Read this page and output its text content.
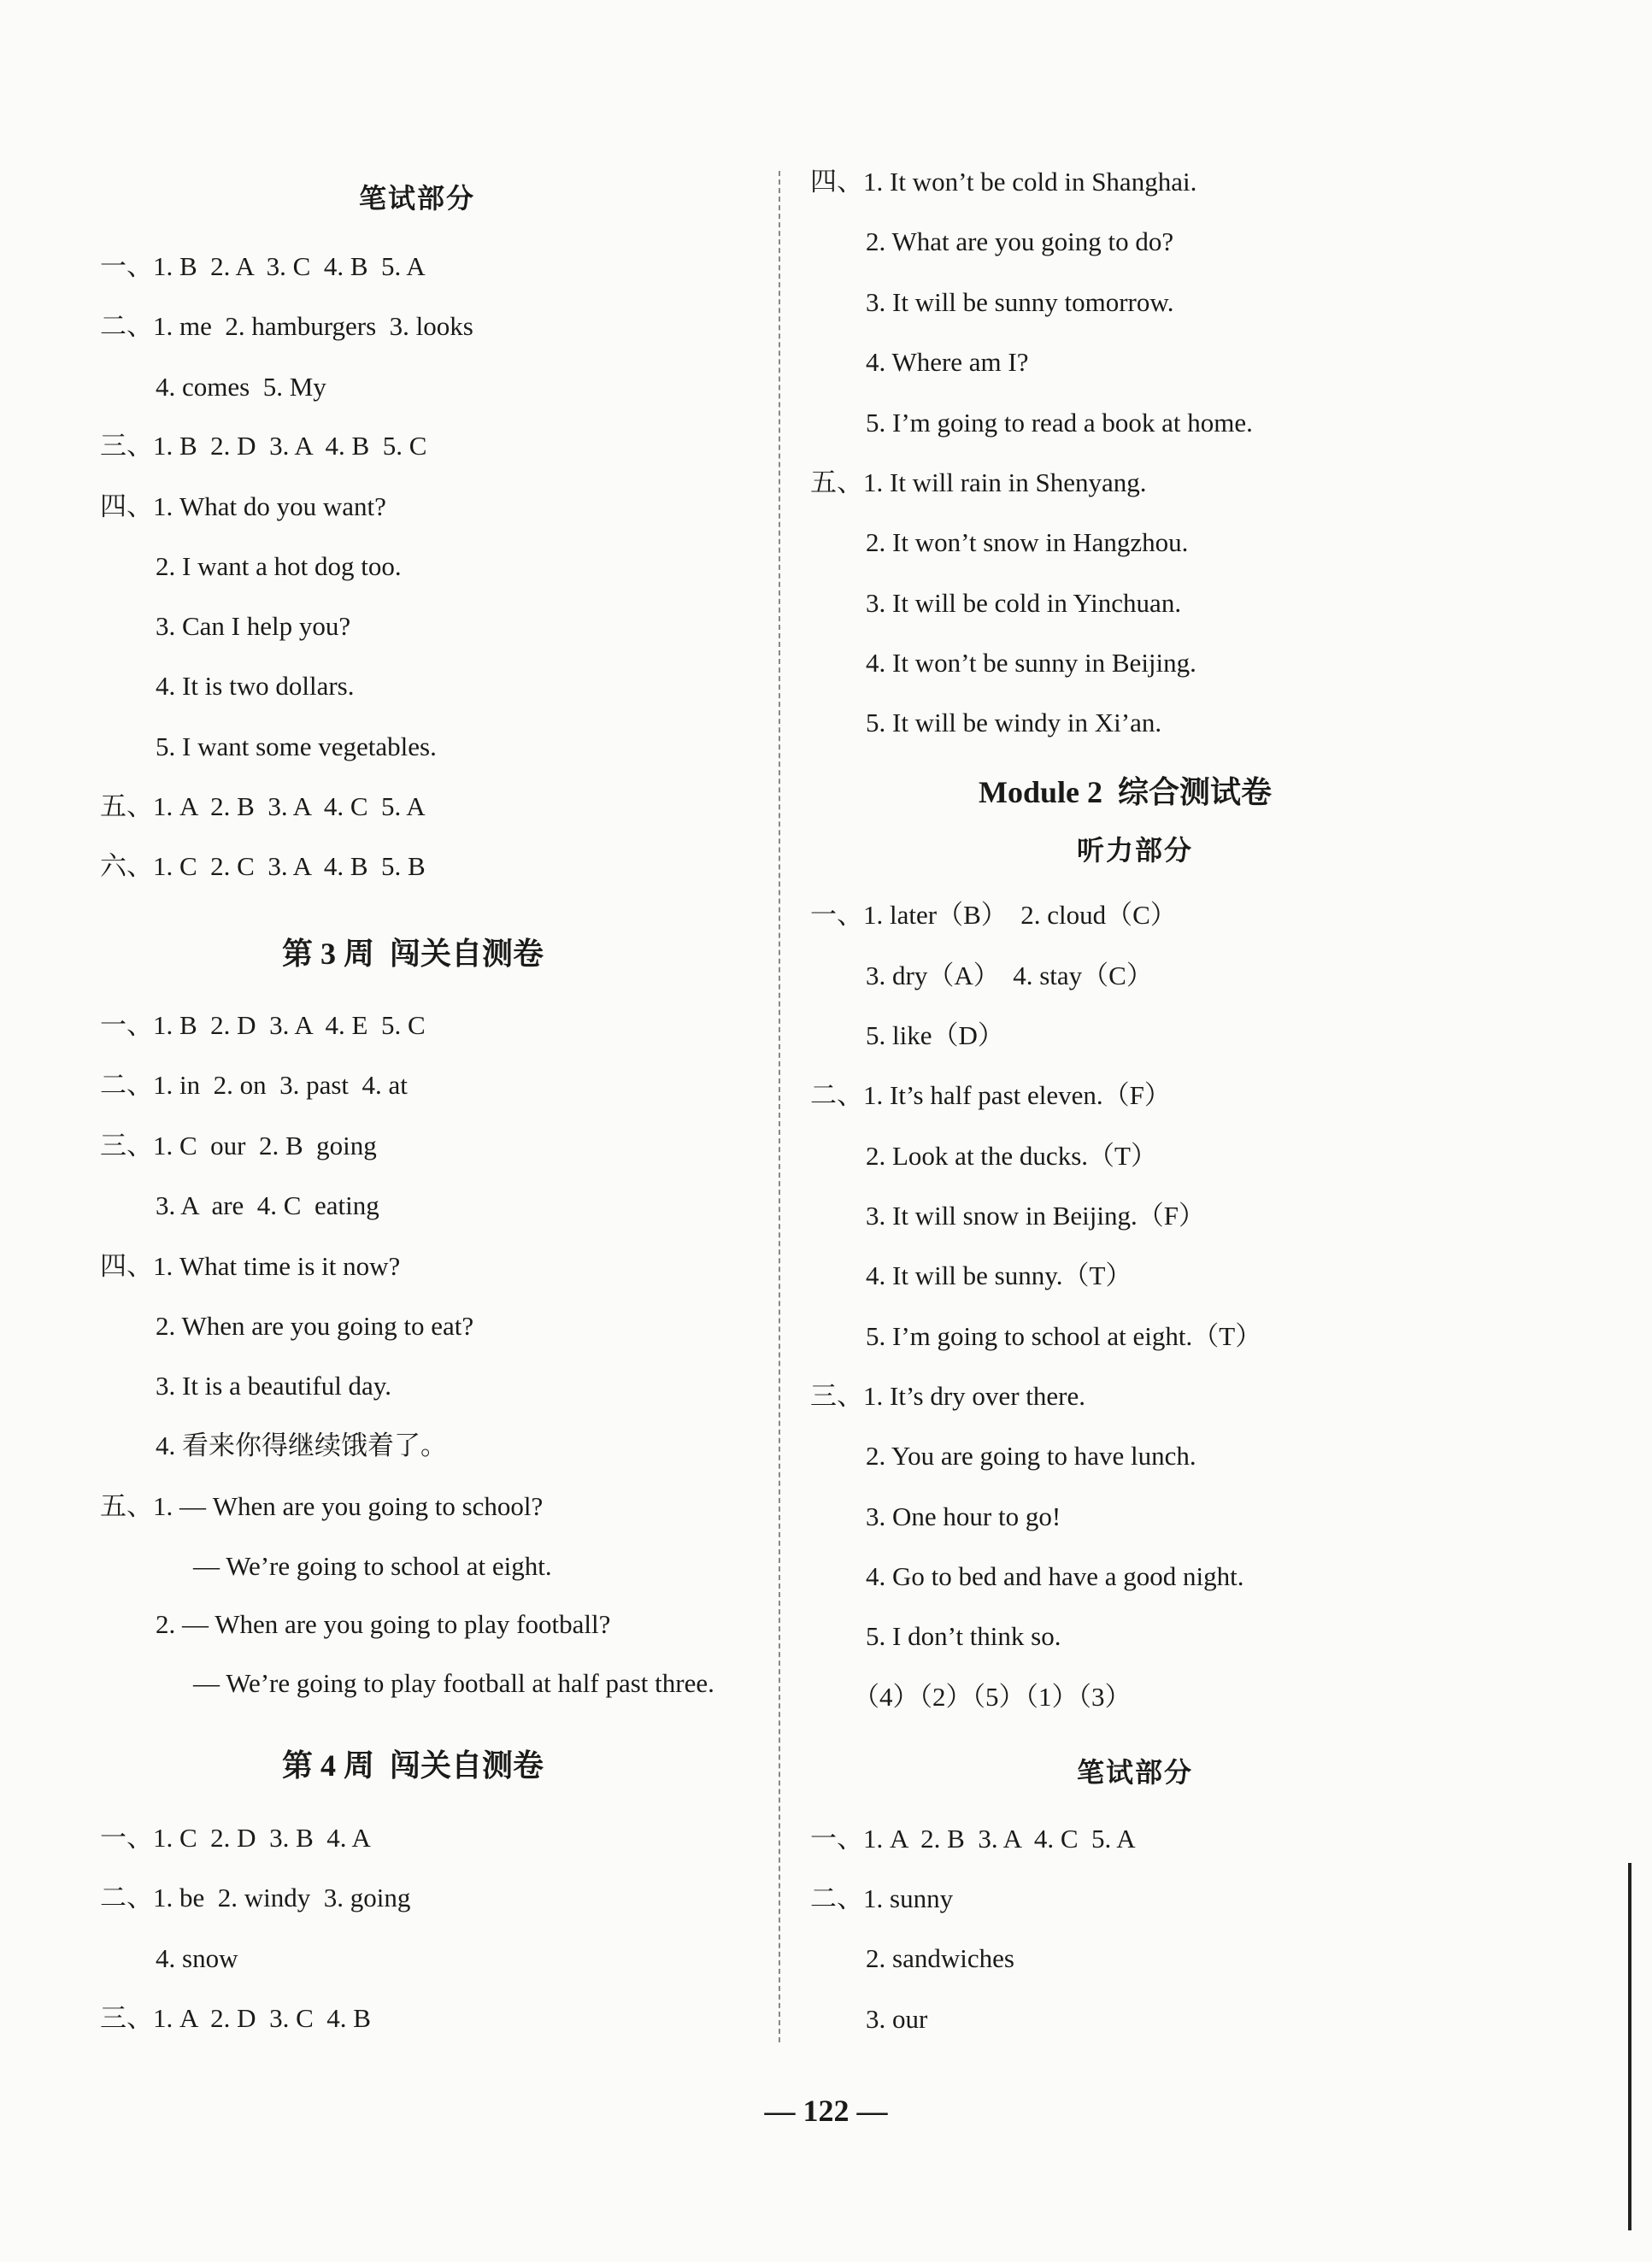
笔试部分
一、1. B  2. A  3. C  4. B  5. A
二、1. me  2. hamburgers  3. looks
4. comes  5. My
三、1. B  2. D  3. A  4. B  5. C
四、1. What do you want?
2. I want a hot dog too.
3. Can I help you?
4. It is two dollars.
5. I want some vegetables.
五、1. A  2. B  3. A  4. C  5. A
六、1. C  2. C  3. A  4. B  5. B
第 3 周  闯关自测卷
一、1. B  2. D  3. A  4. E  5. C
二、1. in  2. on  3. past  4. at
三、1. C  our  2. B  going
3. A  are  4. C  eating
四、1. What time is it now?
2. When are you going to eat?
3. It is a beautiful day.
4. 看来你得继续饿着了。
五、1. — When are you going to school?
— We’re going to school at eight.
2. — When are you going to play football?
— We’re going to play football at half past three.
第 4 周  闯关自测卷
一、1. C  2. D  3. B  4. A
二、1. be  2. windy  3. going
4. snow
三、1. A  2. D  3. C  4. B
四、1. It won’t be cold in Shanghai.
2. What are you going to do?
3. It will be sunny tomorrow.
4. Where am I?
5. I’m going to read a book at home.
五、1. It will rain in Shenyang.
2. It won’t snow in Hangzhou.
3. It will be cold in Yinchuan.
4. It won’t be sunny in Beijing.
5. It will be windy in Xi’an.
Module 2  综合测试卷
听力部分
一、1. later（B）  2. cloud（C）
3. dry（A）  4. stay（C）
5. like（D）
二、1. It’s half past eleven.（F）
2. Look at the ducks.（T）
3. It will snow in Beijing.（F）
4. It will be sunny.（T）
5. I’m going to school at eight.（T）
三、1. It’s dry over there.
2. You are going to have lunch.
3. One hour to go!
4. Go to bed and have a good night.
5. I don’t think so.
（4）（2）（5）（1）（3）
笔试部分
一、1. A  2. B  3. A  4. C  5. A
二、1. sunny
2. sandwiches
3. our
— 122 —
